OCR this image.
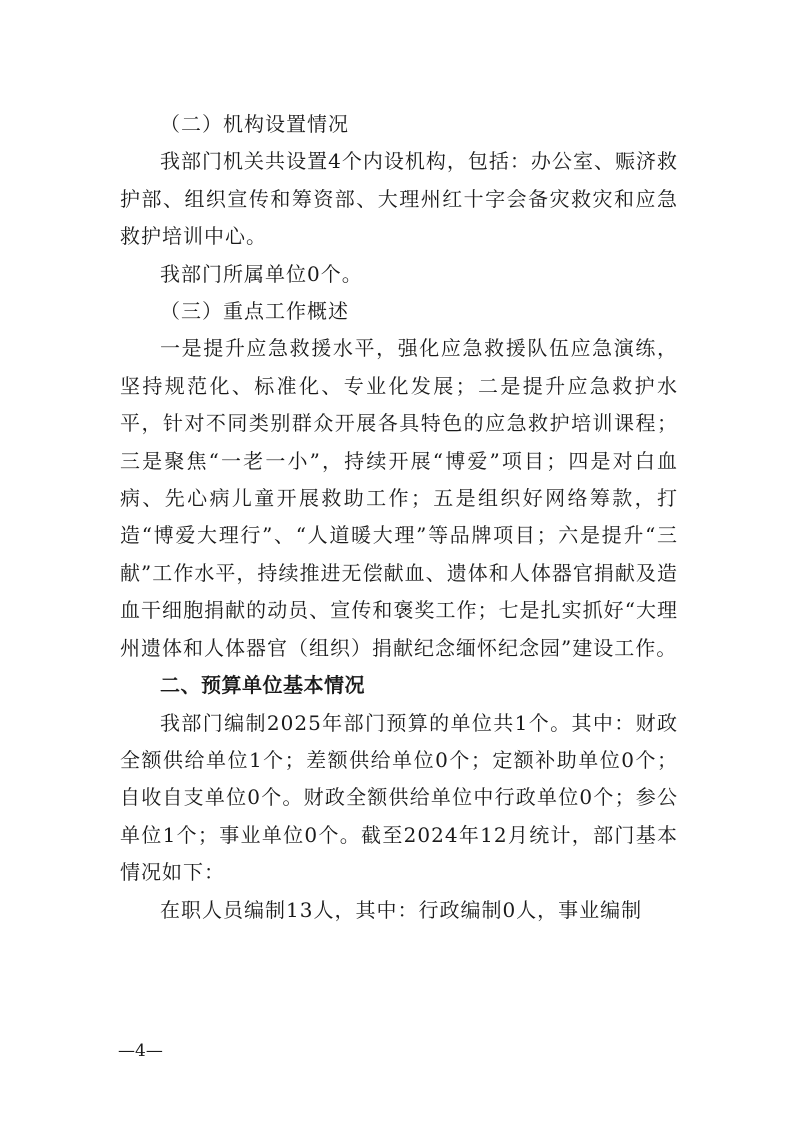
（二）机构设置情况

我部门机关共设置4个内设机构，包括：办公室、赈济救护部、组织宣传和筹资部、大理州红十字会备灾救灾和应急救护培训中心。

我部门所属单位0个。

（三）重点工作概述

一是提升应急救援水平，强化应急救援队伍应急演练，坚持规范化、标准化、专业化发展；二是提升应急救护水平，针对不同类别群众开展各具特色的应急救护培训课程；三是聚焦“一老一小”，持续开展“博爱”项目；四是对白血病、先心病儿童开展救助工作；五是组织好网络筹款，打造“博爱大理行”、“人道暖大理”等品牌项目；六是提升“三献”工作水平，持续推进无偿献血、遗体和人体器官捐献及造血干细胞捐献的动员、宣传和褒奖工作；七是扎实抓好“大理州遗体和人体器官（组织）捐献纪念缅怀纪念园”建设工作。

二、预算单位基本情况

我部门编制2025年部门预算的单位共1个。其中：财政全额供给单位1个；差额供给单位0个；定额补助单位0个；自收自支单位0个。财政全额供给单位中行政单位0个；参公单位1个；事业单位0个。截至2024年12月统计，部门基本情况如下：

在职人员编制13人，其中：行政编制0人，事业编制

—4—
